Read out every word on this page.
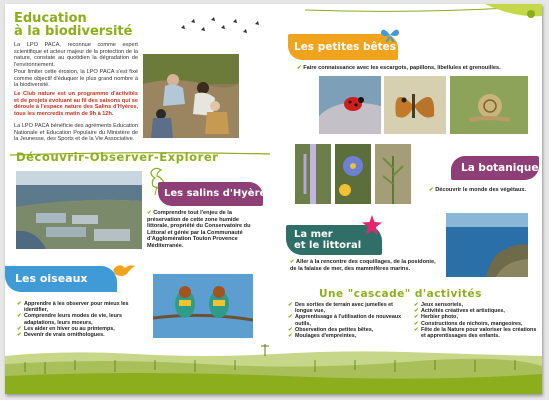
Education
à la biodiversité
La LPO PACA, reconnue comme expert scientifique et acteur majeur de la protection de la nature, constate au quotidien la dégradation de l'environnement.
Pour limiter cette érosion, la LPO PACA s'est fixé comme objectif d'éduquer le plus grand nombre à la biodiversité.
Le Club nature est un programme d'activités et de projets évoluant au fil des saisons qui se déroule à l'espace nature des Salins d'Hyères, tous les mercredis matin de 9h à 12h.
La LPO PACA bénéficie des agréments Education Nationale et Education Populaire du Ministère de la Jeunesse, des Sports et de la Vie Associative.
Découvrir-Observer-Explorer
Les salins d'Hyères
✔ Comprendre tout l'enjeu de la préservation de cette zone humide littorale, propriété du Conservatoire du Littoral et gérée par la Communauté d'Agglomération Toulon Provence Méditerranée.
Les oiseaux
✔ Apprendre à les observer pour mieux les identifier,
✔ Comprendre leurs modes de vie, leurs adaptations, leurs moeurs,
✔ Les aider en hiver ou au printemps,
✔ Devenir de vrais ornithologues.
Les petites bêtes
✔ Faire connaissance avec les escargots, papillons, libellules et grenouilles.
La botanique
✔ Découvrir le monde des végétaux.
La mer
et le littoral
✔ Aller à la rencontre des coquillages, de la posidonie, de la falaise de mer, des mammifères marins.
Une "cascade" d'activités
✔ Des sorties de terrain avec jumelles et longue vue,
✔ Apprentissage à l'utilisation de nouveaux outils,
✔ Observation des petites bêtes,
✔ Moulages d'empreintes,
✔ Jeux sensoriels,
✔ Activités créatives et artistiques,
✔ Herbier photo,
✔ Constructions de nichoirs, mangeoires,
✔ Fête de la Nature pour valoriser les créations et apprentissages des enfants.
